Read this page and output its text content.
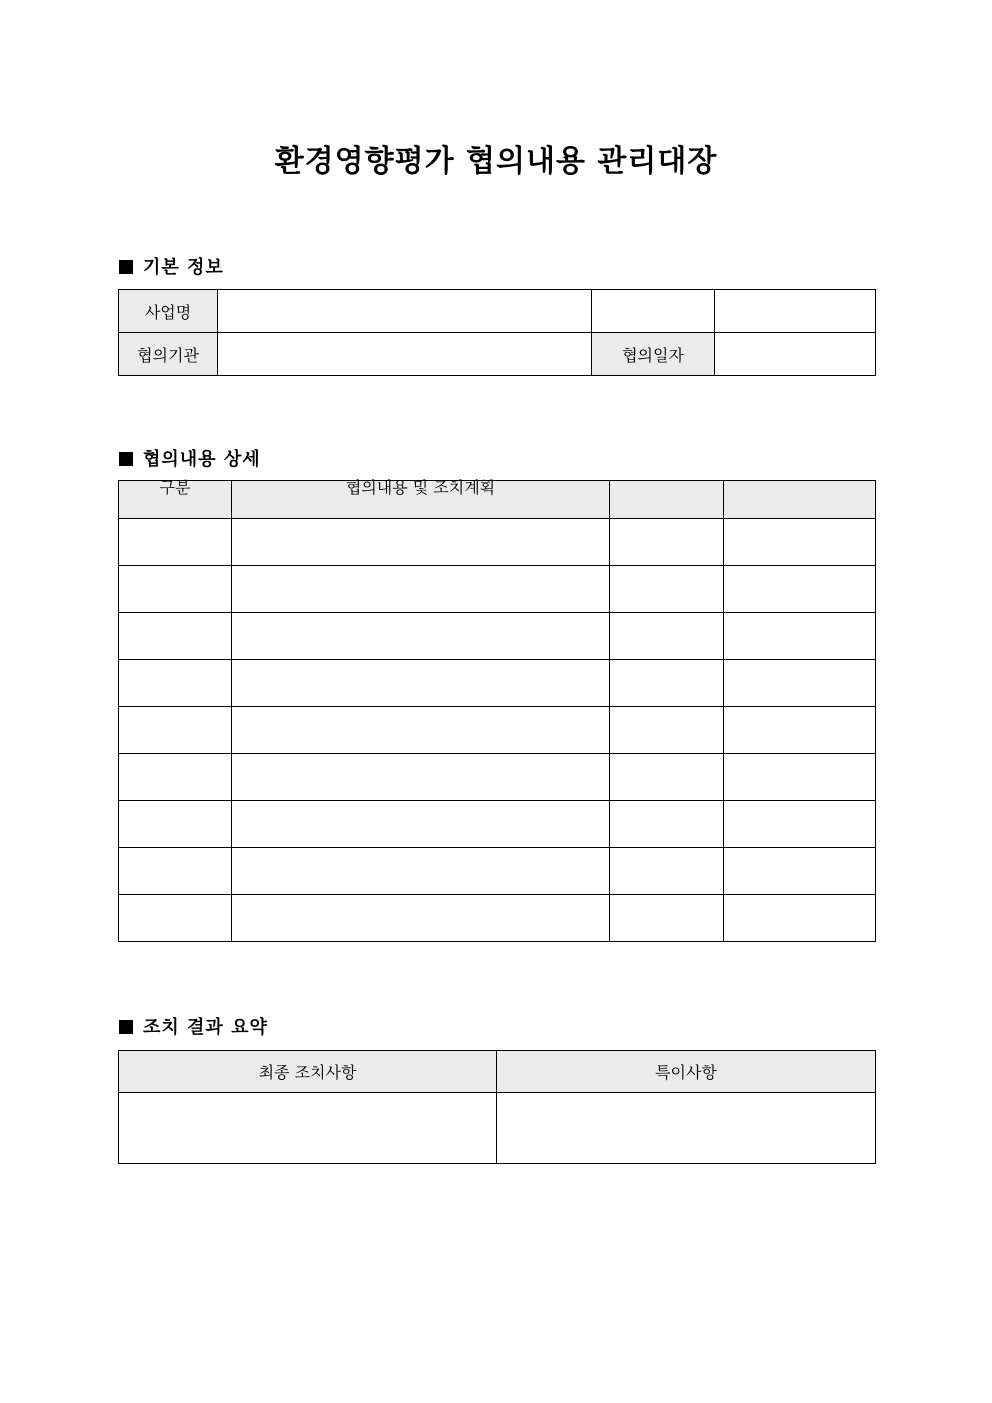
환경영향평가 협의내용 관리대장
기본 정보
사업명			
협의기관		협의일자	
협의내용 상세
구분	협의내용 및 조치계획		

조치 결과 요약
최종 조치사항	특이사항
